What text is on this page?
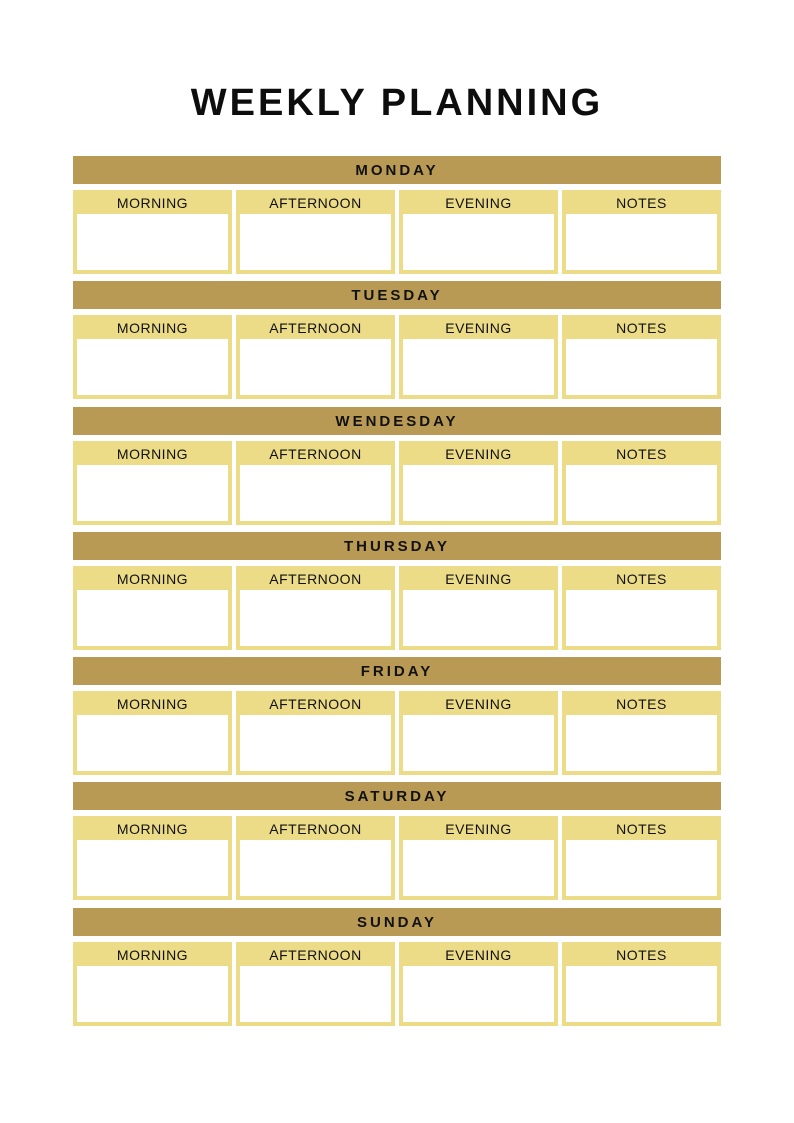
WEEKLY PLANNING
MONDAY
MORNING	AFTERNOON	EVENING	NOTES
TUESDAY
MORNING	AFTERNOON	EVENING	NOTES
WENDESDAY
MORNING	AFTERNOON	EVENING	NOTES
THURSDAY
MORNING	AFTERNOON	EVENING	NOTES
FRIDAY
MORNING	AFTERNOON	EVENING	NOTES
SATURDAY
MORNING	AFTERNOON	EVENING	NOTES
SUNDAY
MORNING	AFTERNOON	EVENING	NOTES
